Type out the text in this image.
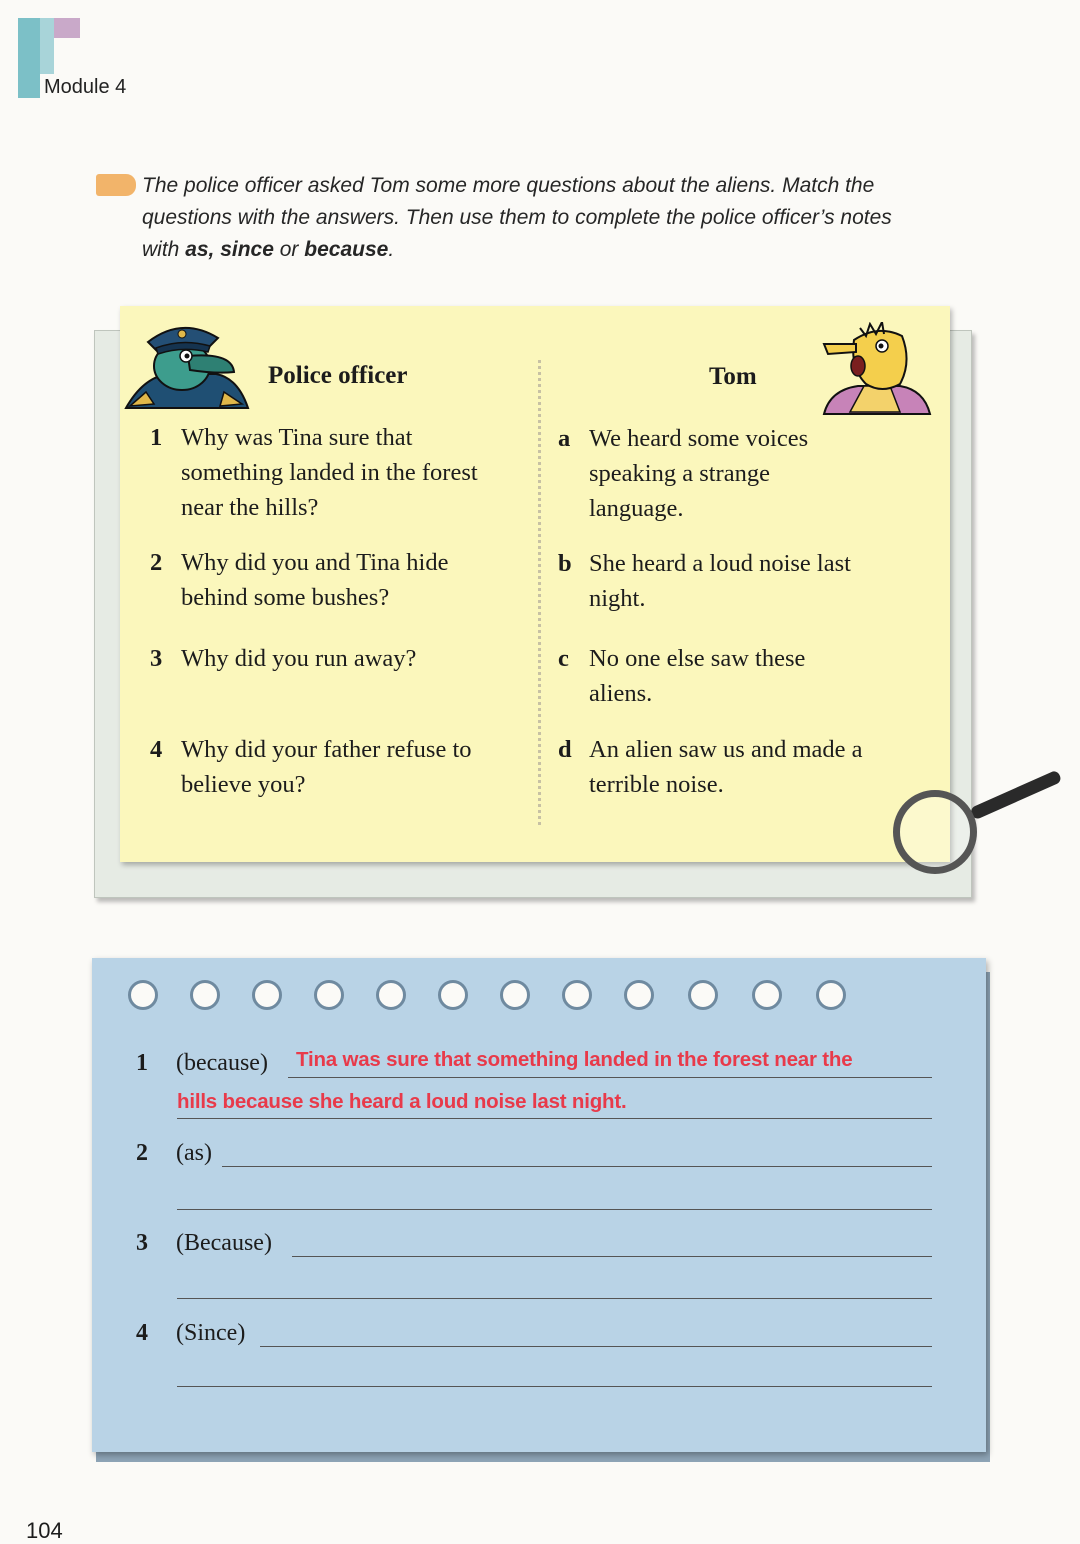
Module 4
The police officer asked Tom some more questions about the aliens. Match the
questions with the answers. Then use them to complete the police officer’s notes
with as, since or because.
Police officer	Tom
1 Why was Tina sure that
something landed in the forest
near the hills?
2 Why did you and Tina hide
behind some bushes?
3 Why did you run away?
4 Why did your father refuse to
believe you?
a We heard some voices
speaking a strange
language.
b She heard a loud noise last
night.
c No one else saw these
aliens.
d An alien saw us and made a
terrible noise.
1 (because) Tina was sure that something landed in the forest near the
hills because she heard a loud noise last night.
2 (as)
3 (Because)
4 (Since)
104
